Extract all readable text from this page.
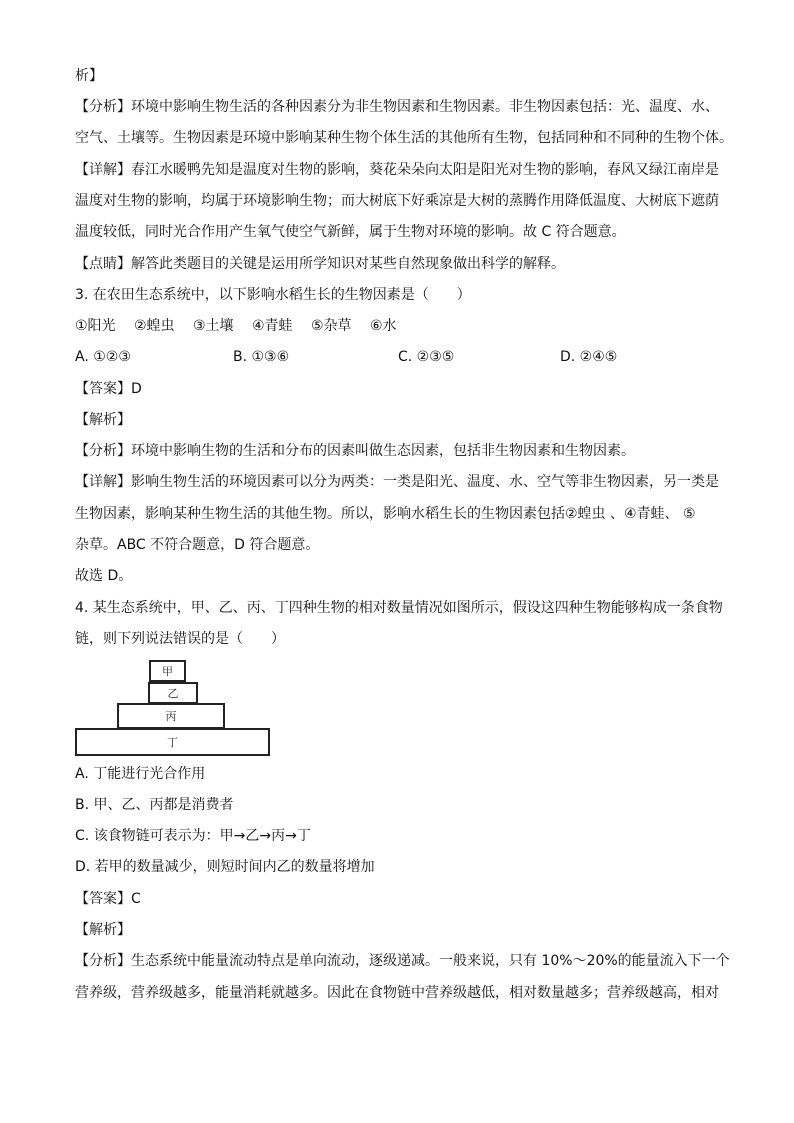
析】
【分析】环境中影响生物生活的各种因素分为非生物因素和生物因素。非生物因素包括：光、温度、水、
空气、土壤等。生物因素是环境中影响某种生物个体生活的其他所有生物，包括同种和不同种的生物个体。
【详解】春江水暖鸭先知是温度对生物的影响，葵花朵朵向太阳是阳光对生物的影响，春风又绿江南岸是
温度对生物的影响，均属于环境影响生物；而大树底下好乘凉是大树的蒸腾作用降低温度、大树底下遮荫
温度较低，同时光合作用产生氧气使空气新鲜，属于生物对环境的影响。故 C 符合题意。
【点睛】解答此类题目的关键是运用所学知识对某些自然现象做出科学的解释。
3. 在农田生态系统中，以下影响水稻生长的生物因素是（　　）
①阳光　 ②蝗虫　 ③土壤　 ④青蛙　 ⑤杂草　 ⑥水
A. ①②③	B. ①③⑥	C. ②③⑤	D. ②④⑤
【答案】D
【解析】
【分析】环境中影响生物的生活和分布的因素叫做生态因素，包括非生物因素和生物因素。
【详解】影响生物生活的环境因素可以分为两类：一类是阳光、温度、水、空气等非生物因素，另一类是
生物因素，影响某种生物生活的其他生物。所以，影响水稻生长的生物因素包括②蝗虫 、④青蛙、 ⑤
杂草。ABC 不符合题意，D 符合题意。
故选 D。
4. 某生态系统中，甲、乙、丙、丁四种生物的相对数量情况如图所示，假设这四种生物能够构成一条食物
链，则下列说法错误的是（　　）
甲
乙
丙
丁
A. 丁能进行光合作用
B. 甲、乙、丙都是消费者
C. 该食物链可表示为：甲→乙→丙→丁
D. 若甲的数量减少，则短时间内乙的数量将增加
【答案】C
【解析】
【分析】生态系统中能量流动特点是单向流动，逐级递减。一般来说，只有 10%～20%的能量流入下一个
营养级，营养级越多，能量消耗就越多。因此在食物链中营养级越低，相对数量越多；营养级越高，相对
